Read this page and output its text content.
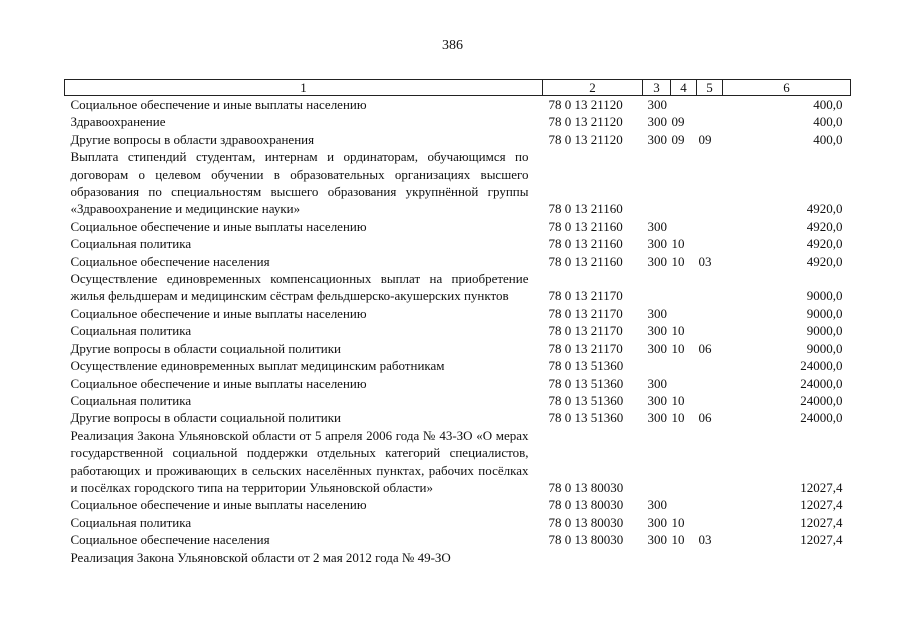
386
1	2	3	4	5	6
Социальное обеспечение и иные выплаты населению	78 0 13 21120	300			400,0
Здравоохранение	78 0 13 21120	300	09		400,0
Другие вопросы в области здравоохранения	78 0 13 21120	300	09	09	400,0
Выплата стипендий студентам, интернам и ординаторам, обучающимся по договорам о целевом обучении в образовательных организациях высшего образования по специальностям высшего образования укрупнённой группы «Здравоохранение и медицинские науки»	78 0 13 21160				4920,0
Социальное обеспечение и иные выплаты населению	78 0 13 21160	300			4920,0
Социальная политика	78 0 13 21160	300	10		4920,0
Социальное обеспечение населения	78 0 13 21160	300	10	03	4920,0
Осуществление единовременных компенсационных выплат на приобретение жилья фельдшерам и медицинским сёстрам фельдшерско-акушерских пунктов	78 0 13 21170				9000,0
Социальное обеспечение и иные выплаты населению	78 0 13 21170	300			9000,0
Социальная политика	78 0 13 21170	300	10		9000,0
Другие вопросы в области социальной политики	78 0 13 21170	300	10	06	9000,0
Осуществление единовременных выплат медицинским работникам	78 0 13 51360				24000,0
Социальное обеспечение и иные выплаты населению	78 0 13 51360	300			24000,0
Социальная политика	78 0 13 51360	300	10		24000,0
Другие вопросы в области социальной политики	78 0 13 51360	300	10	06	24000,0
Реализация Закона Ульяновской области от 5 апреля 2006 года № 43-ЗО «О мерах государственной социальной поддержки отдельных категорий специалистов, работающих и проживающих в сельских населённых пунктах, рабочих посёлках и посёлках городского типа на территории Ульяновской области»	78 0 13 80030				12027,4
Социальное обеспечение и иные выплаты населению	78 0 13 80030	300			12027,4
Социальная политика	78 0 13 80030	300	10		12027,4
Социальное обеспечение населения	78 0 13 80030	300	10	03	12027,4
Реализация Закона Ульяновской области от 2 мая 2012 года № 49-ЗО					
